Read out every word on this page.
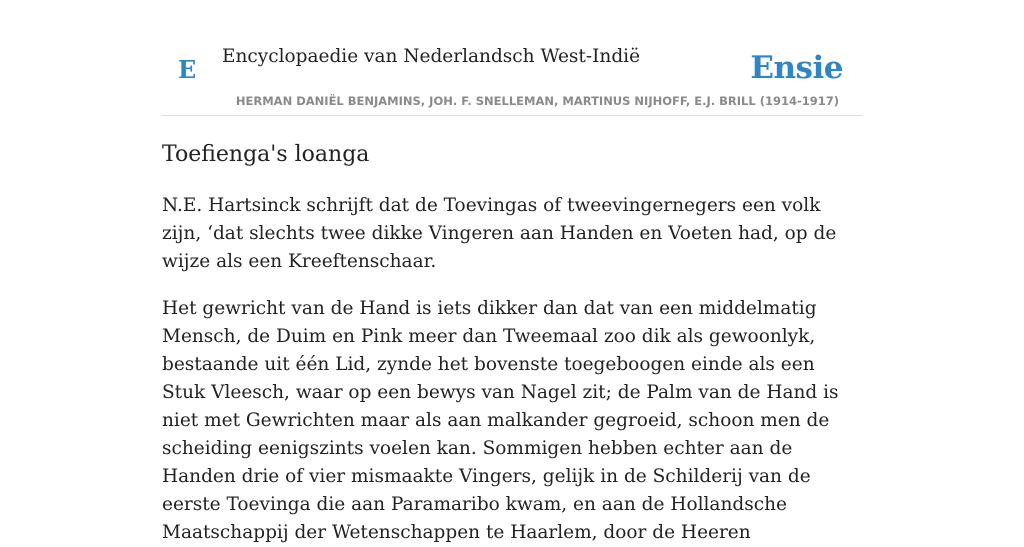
E Encyclopaedie van Nederlandsch West-Indië	Ensie
HERMAN DANIËL BENJAMINS, JOH. F. SNELLEMAN, MARTINUS NIJHOFF, E.J. BRILL (1914-1917)
Toefienga's loanga

N.E. Hartsinck schrijft dat de Toevingas of tweevingernegers een volk zijn, ‘dat slechts twee dikke Vingeren aan Handen en Voeten had, op de wijze als een Kreeftenschaar.

Het gewricht van de Hand is iets dikker dan dat van een middelmatig Mensch, de Duim en Pink meer dan Tweemaal zoo dik als gewoonlyk, bestaande uit één Lid, zynde het bovenste toegeboogen einde als een Stuk Vleesch, waar op een bewys van Nagel zit; de Palm van de Hand is niet met Gewrichten maar als aan malkander gegroeid, schoon men de scheiding eenigszints voelen kan. Sommigen hebben echter aan de Handen drie of vier mismaakte Vingers, gelijk in de Schilderij van de eerste Toevinga die aan Paramaribo kwam, en aan de Hollandsche Maatschappij der Wetenschappen te Haarlem, door de Heeren
